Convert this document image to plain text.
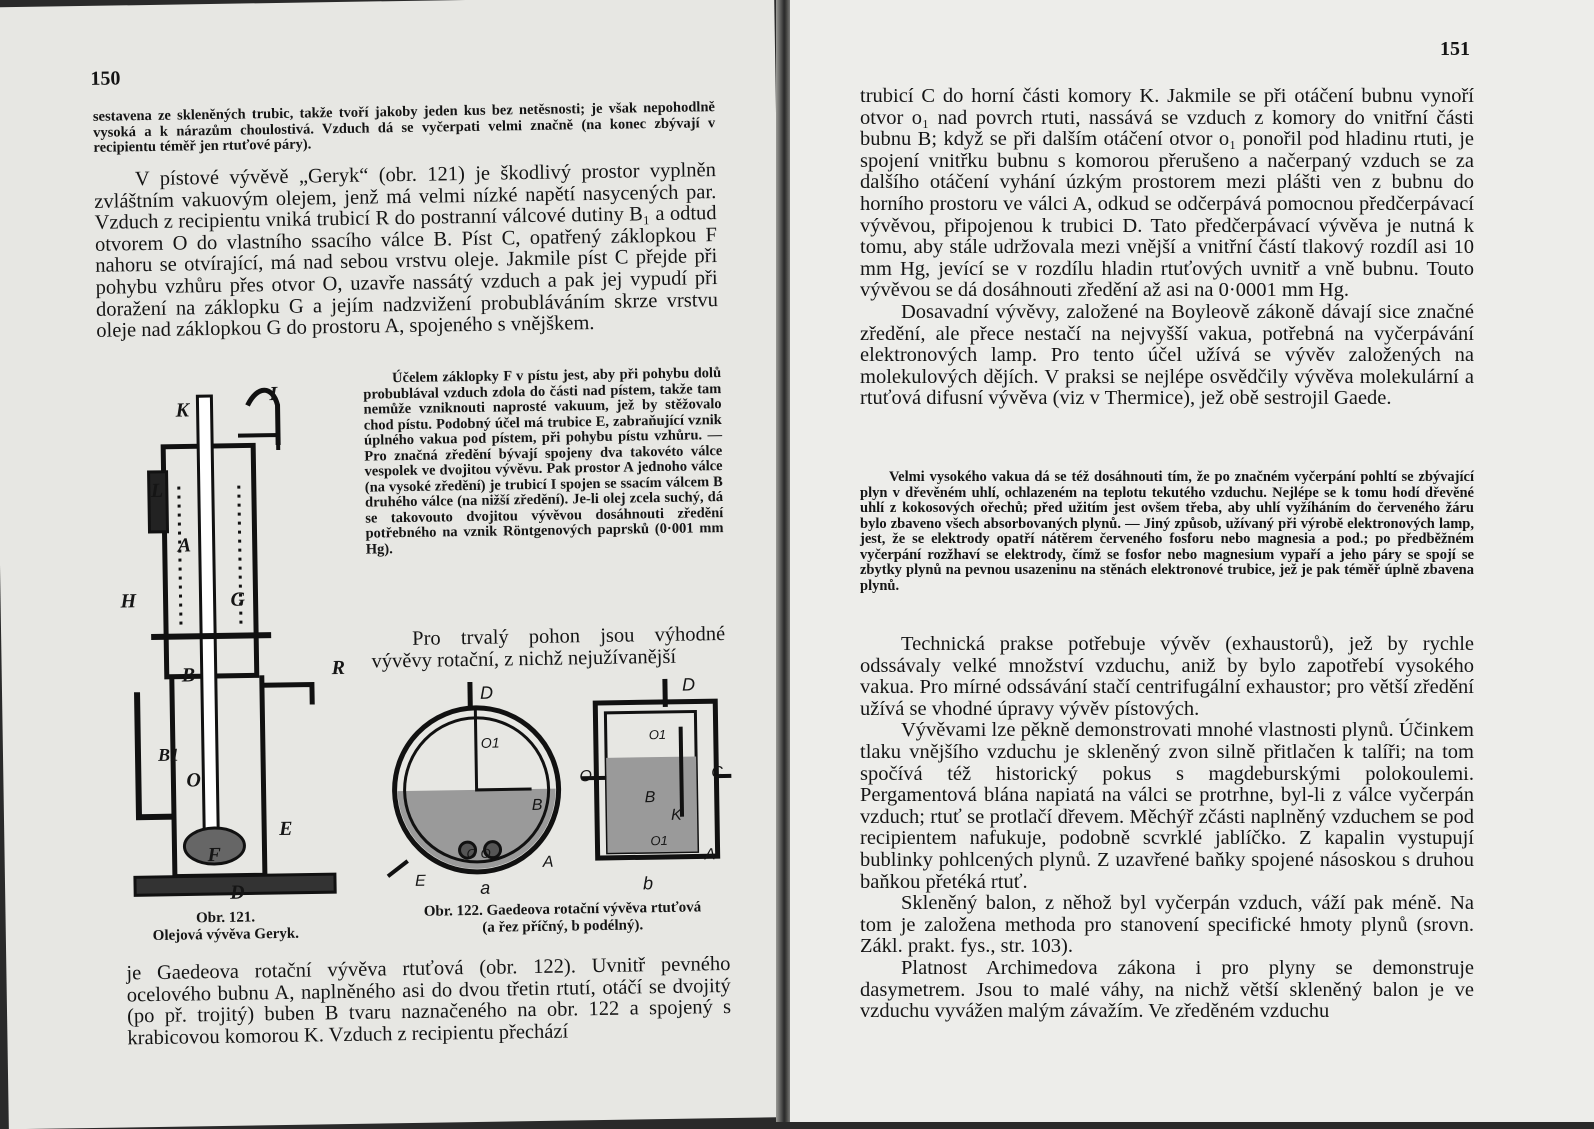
150

sestavena ze skleněných trubic, takže tvoří jakoby jeden kus bez netěsnosti; je však nepohodlně vysoká a k nárazům choulostivá. Vzduch dá se vyčerpati velmi značně (na konec zbývají v recipientu téměř jen rtuťové páry).

V pístové vývěvě „Geryk“ (obr. 121) je škodlivý prostor vyplněn zvláštním vakuovým olejem, jenž má velmi nízké napětí nasycených par. Vzduch z recipientu vniká trubicí R do postranní válcové dutiny B₁ a odtud otvorem O do vlastního ssacího válce B. Píst C, opatřený záklopkou F nahoru se otvírající, má nad sebou vrstvu oleje. Jakmile píst C přejde při pohybu vzhůru přes otvor O, uzavře nassátý vzduch a pak jej vypudí při doražení na záklopku G a jejím nadzvižení probubláváním skrze vrstvu oleje nad záklopkou G do prostoru A, spojeného s vnějškem.

K
I
L
A
H	G
B	R
B1
O
E
F
D
Obr. 121.
Olejová vývěva Geryk.

Účelem záklopky F v pístu jest, aby při pohybu dolů probublával vzduch zdola do části nad pístem, takže tam nemůže vzniknouti naprosté vakuum, jež by stěžovalo chod pístu. Podobný účel má trubice E, zabraňující vznik úplného vakua pod pístem, při pohybu pístu vzhůru. — Pro značná zředění bývají spojeny dva takovéto válce vespolek ve dvojitou vývěvu. Pak prostor A jednoho válce (na vysoké zředění) je trubicí I spojen se ssacím válcem B druhého válce (na nižší zředění). Je-li olej zcela suchý, dá se takovouto dvojitou vývěvou dosáhnouti zředění potřebného na vznik Röntgenových paprsků (0·001 mm Hg).

Pro trvalý pohon jsou výhodné vývěvy rotační, z nichž nejužívanější

D
O1
B
O O
A
E	a
D
O1
O	C
B
K
O1
A
b
Obr. 122. Gaedeova rotační vývěva rtuťová
(a řez příčný, b podélný).

je Gaedeova rotační vývěva rtuťová (obr. 122). Uvnitř pevného ocelového bubnu A, naplněného asi do dvou třetin rtutí, otáčí se dvojitý (po př. trojitý) buben B tvaru naznačeného na obr. 122 a spojený s krabicovou komorou K. Vzduch z recipientu přechází

151

trubicí C do horní části komory K. Jakmile se při otáčení bubnu vynoří otvor o₁ nad povrch rtuti, nassává se vzduch z komory do vnitřní části bubnu B; když se při dalším otáčení otvor o₁ ponořil pod hladinu rtuti, je spojení vnitřku bubnu s komorou přerušeno a načerpaný vzduch se za dalšího otáčení vyhání úzkým prostorem mezi plášti ven z bubnu do horního prostoru ve válci A, odkud se odčerpává pomocnou předčerpávací vývěvou, připojenou k trubici D. Tato předčerpávací vývěva je nutná k tomu, aby stále udržovala mezi vnější a vnitřní částí tlakový rozdíl asi 10 mm Hg, jevící se v rozdílu hladin rtuťových uvnitř a vně bubnu. Touto vývěvou se dá dosáhnouti zředění až asi na 0·0001 mm Hg.

Dosavadní vývěvy, založené na Boyleově zákoně dávají sice značné zředění, ale přece nestačí na nejvyšší vakua, potřebná na vyčerpávání elektronových lamp. Pro tento účel užívá se vývěv založených na molekulových dějích. V praksi se nejlépe osvědčily vývěva molekulární a rtuťová difusní vývěva (viz v Thermice), jež obě sestrojil Gaede.

Velmi vysokého vakua dá se též dosáhnouti tím, že po značném vyčerpání pohltí se zbývající plyn v dřevěném uhlí, ochlazeném na teplotu tekutého vzduchu. Nejlépe se k tomu hodí dřevěné uhlí z kokosových ořechů; před užitím jest ovšem třeba, aby uhlí vyžíháním do červeného žáru bylo zbaveno všech absorbovaných plynů. — Jiný způsob, užívaný při výrobě elektronových lamp, jest, že se elektrody opatří nátěrem červeného fosforu nebo magnesia a pod.; po předběžném vyčerpání rozžhaví se elektrody, čímž se fosfor nebo magnesium vypaří a jeho páry se spojí se zbytky plynů na pevnou usazeninu na stěnách elektronové trubice, jež je pak téměř úplně zbavena plynů.

Technická prakse potřebuje vývěv (exhaustorů), jež by rychle odssávaly velké množství vzduchu, aniž by bylo zapotřebí vysokého vakua. Pro mírné odssávání stačí centrifugální exhaustor; pro větší zředění užívá se vhodné úpravy vývěv pístových.

Vývěvami lze pěkně demonstrovati mnohé vlastnosti plynů. Účinkem tlaku vnějšího vzduchu je skleněný zvon silně přitlačen k talíři; na tom spočívá též historický pokus s magdeburskými polokoulemi. Pergamentová blána napiatá na válci se protrhne, byl-li z válce vyčerpán vzduch; rtuť se protlačí dřevem. Měchýř zčásti naplněný vzduchem se pod recipientem nafukuje, podobně scvrklé jablíčko. Z kapalin vystupují bublinky pohlcených plynů. Z uzavřené baňky spojené násoskou s druhou baňkou přetéká rtuť.

Skleněný balon, z něhož byl vyčerpán vzduch, váží pak méně. Na tom je založena methoda pro stanovení specifické hmoty plynů (srovn. Zákl. prakt. fys., str. 103).

Platnost Archimedova zákona i pro plyny se demonstruje dasymetrem. Jsou to malé váhy, na nichž větší skleněný balon je ve vzduchu vyvážen malým závažím. Ve zředěném vzduchu
